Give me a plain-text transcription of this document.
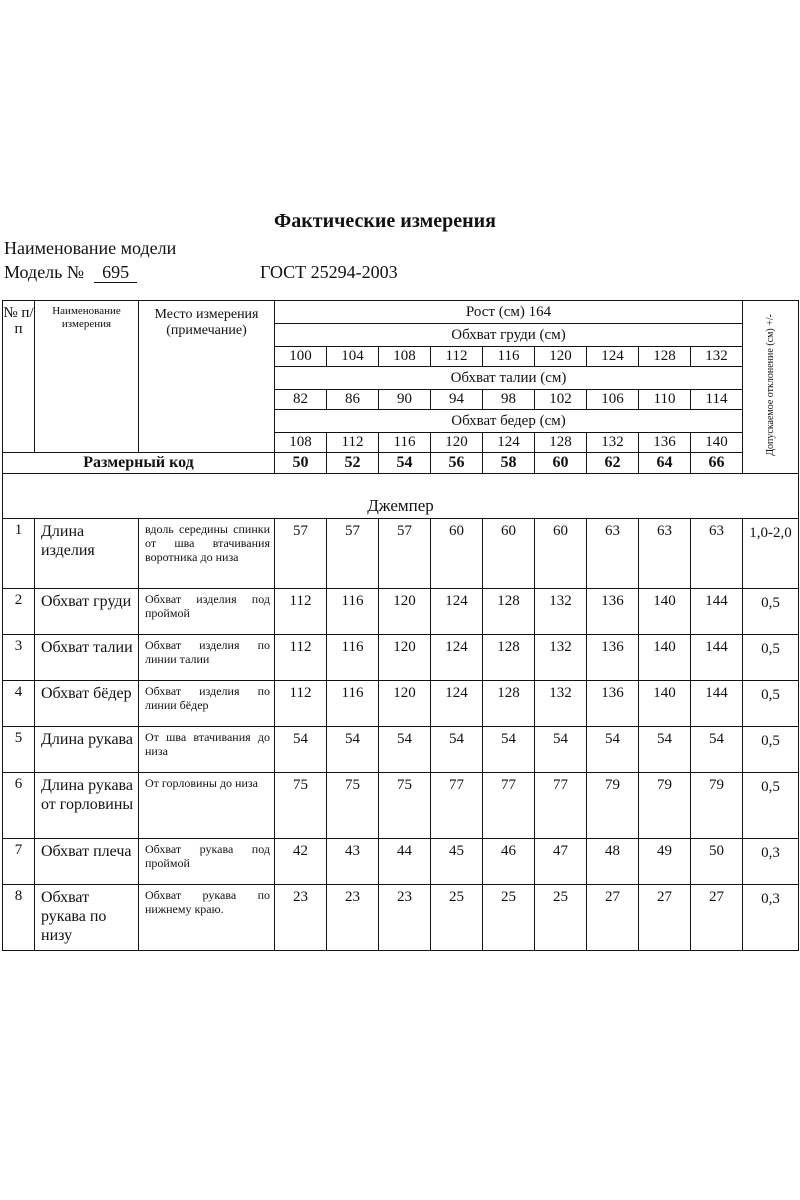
Фактические измерения
Наименование модели
Модель № 695	ГОСТ 25294-2003
№ п/п	Наименование измерения	Место измерения (примечание)	Рост (см) 164									Допускаемое отклонение (см) +/-
			Обхват груди (см)									
			100	104	108	112	116	120	124	128	132	
			Обхват талии (см)									
			82	86	90	94	98	102	106	110	114	
			Обхват бедер (см)									
			108	112	116	120	124	128	132	136	140	
Размерный код			50	52	54	56	58	60	62	64	66	

Джемпер												
1	Длина изделия	вдоль середины спинки от шва втачивания воротника до низа	57	57	57	60	60	60	63	63	63	1,0-2,0
2	Обхват груди	Обхват изделия под проймой	112	116	120	124	128	132	136	140	144	0,5
3	Обхват талии	Обхват изделия по линии талии	112	116	120	124	128	132	136	140	144	0,5
4	Обхват бёдер	Обхват изделия по линии бёдер	112	116	120	124	128	132	136	140	144	0,5
5	Длина рукава	От шва втачивания до низа	54	54	54	54	54	54	54	54	54	0,5
6	Длина рукава от горловины	От горловины до низа	75	75	75	77	77	77	79	79	79	0,5
7	Обхват плеча	Обхват рукава под проймой	42	43	44	45	46	47	48	49	50	0,3
8	Обхват рукава по низу	Обхват рукава по нижнему краю.	23	23	23	25	25	25	27	27	27	0,3
